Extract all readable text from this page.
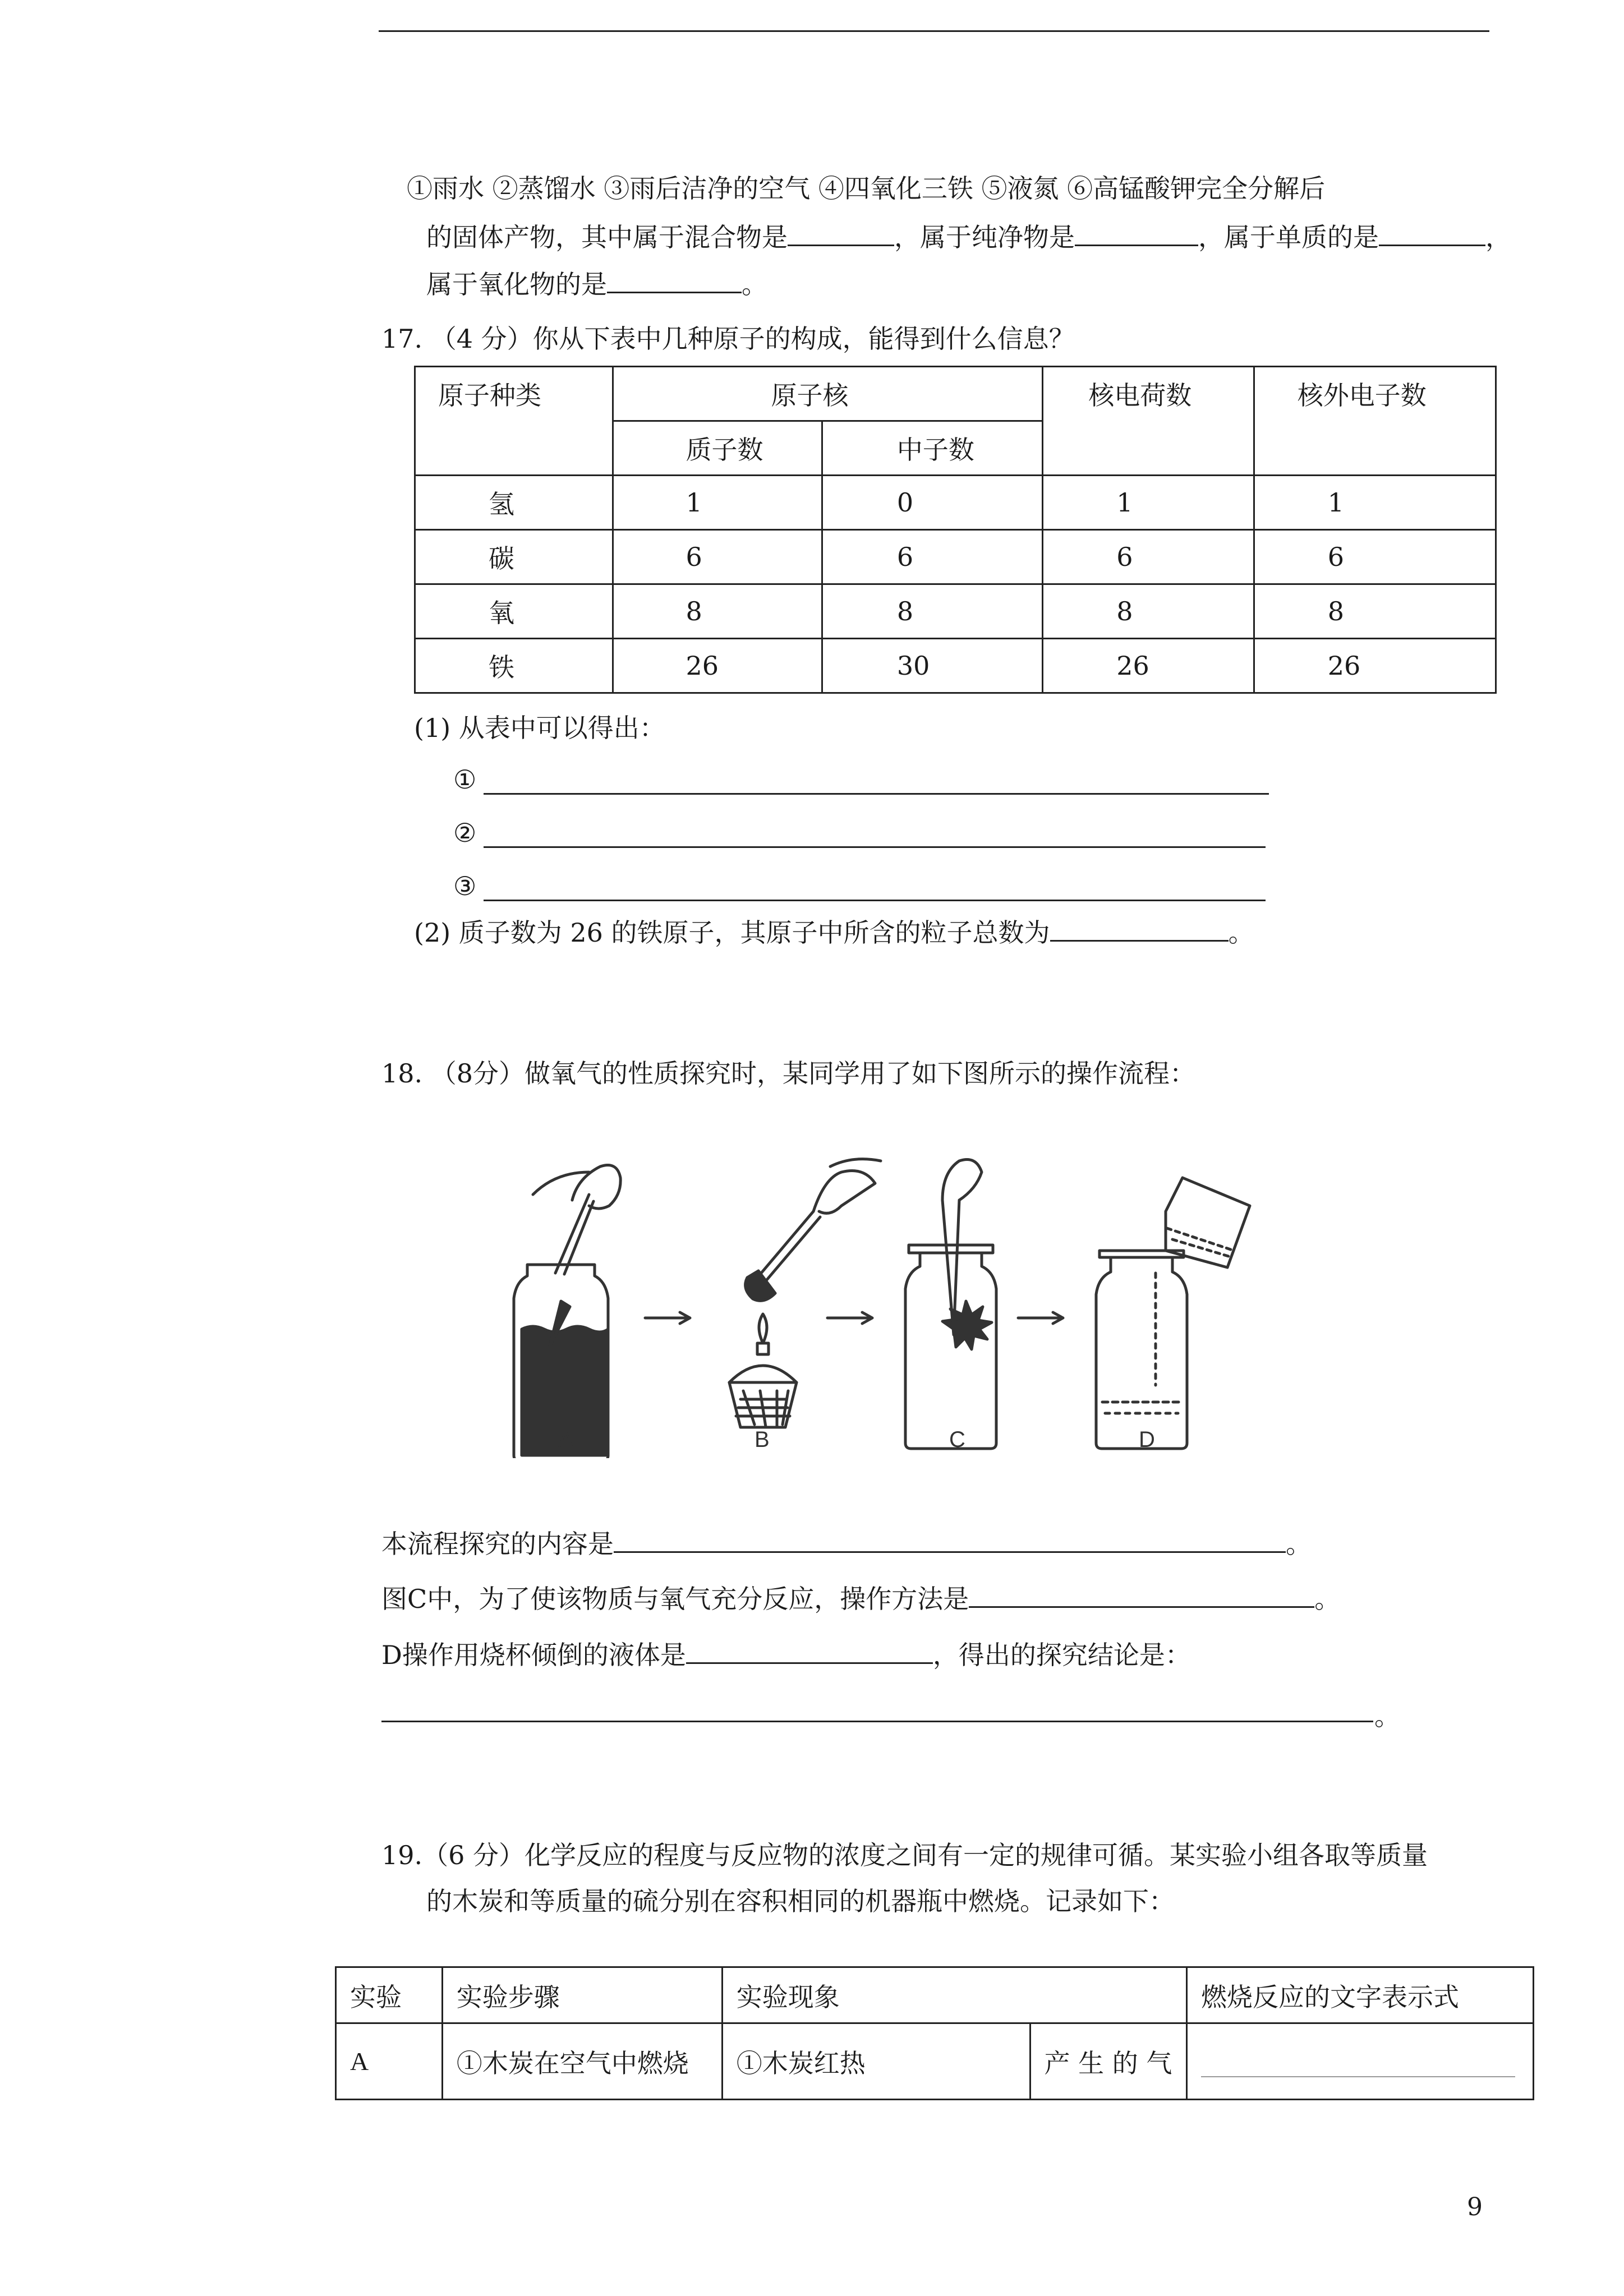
①雨水 ②蒸馏水 ③雨后洁净的空气 ④四氧化三铁 ⑤液氮 ⑥高锰酸钾完全分解后
的固体产物，其中属于混合物是	，属于纯净物是	，属于单质的是	，
属于氧化物的是	。
17. （4 分）你从下表中几种原子的构成，能得到什么信息？
原子种类	原子核		核电荷数	核外电子数
	质子数	中子数		
氢	1	0	1	1
碳	6	6	6	6
氧	8	8	8	8
铁	26	30	26	26
(1) 从表中可以得出：
①
②
③
(2) 质子数为 26 的铁原子，其原子中所含的粒子总数为	。
18. （8分）做氧气的性质探究时，某同学用了如下图所示的操作流程：
A	B	C	D
本流程探究的内容是	。
图C中，为了使该物质与氧气充分反应，操作方法是	。
D操作用烧杯倾倒的液体是	，得出的探究结论是：
。
19.（6 分）化学反应的程度与反应物的浓度之间有一定的规律可循。某实验小组各取等质量
的木炭和等质量的硫分别在容积相同的机器瓶中燃烧。记录如下：
实验	实验步骤	实验现象		燃烧反应的文字表示式
A	①木炭在空气中燃烧	①木炭红热	产 生 的 气	
9
